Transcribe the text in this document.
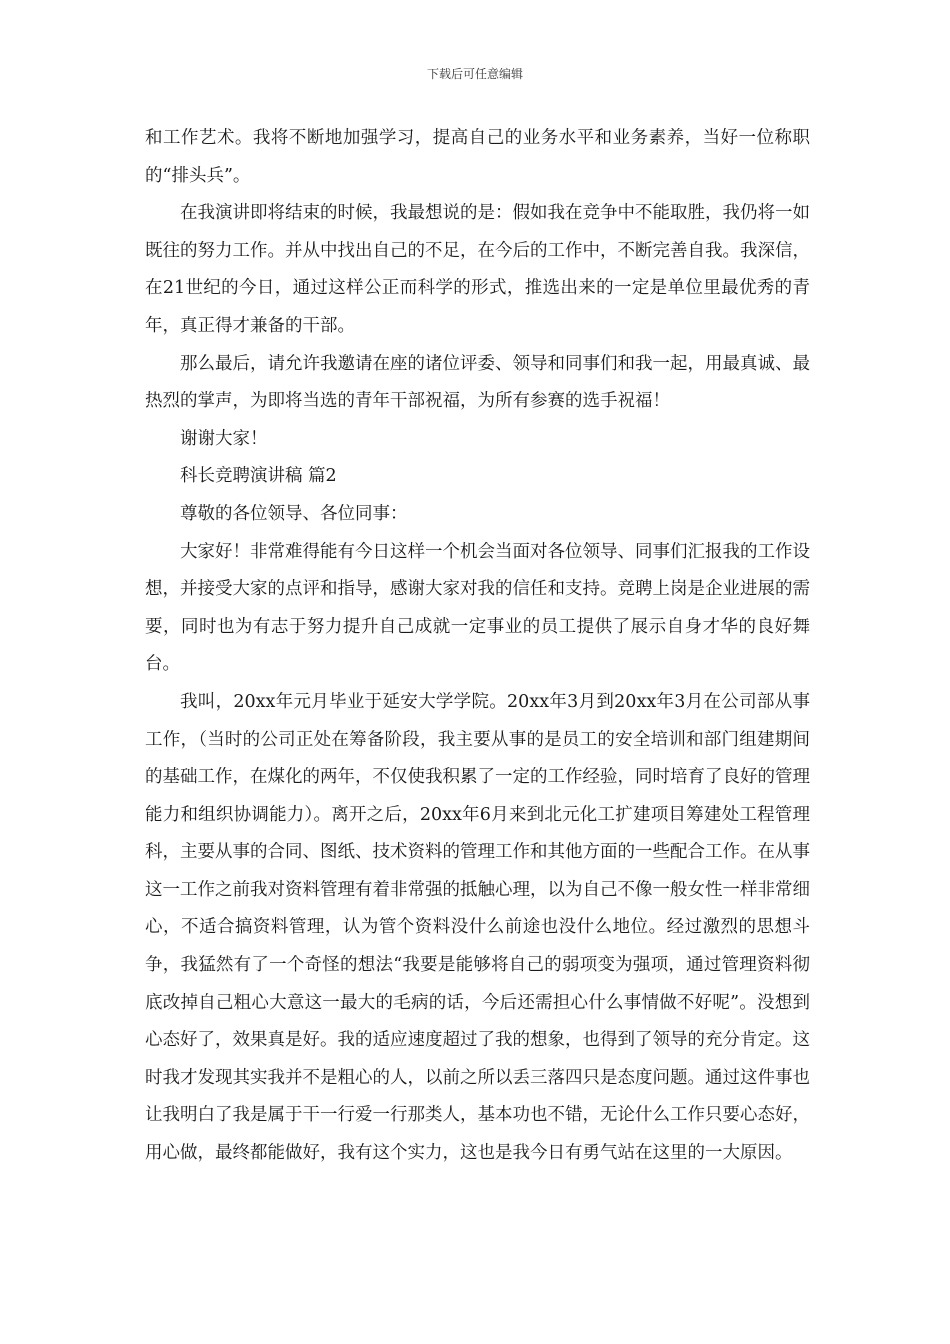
下载后可任意编辑

和工作艺术。我将不断地加强学习，提高自己的业务水平和业务素养，当好一位称职的“排头兵”。

在我演讲即将结束的时候，我最想说的是：假如我在竞争中不能取胜，我仍将一如既往的努力工作。并从中找出自己的不足，在今后的工作中，不断完善自我。我深信，在21世纪的今日，通过这样公正而科学的形式，推选出来的一定是单位里最优秀的青年，真正得才兼备的干部。

那么最后，请允许我邀请在座的诸位评委、领导和同事们和我一起，用最真诚、最热烈的掌声，为即将当选的青年干部祝福，为所有参赛的选手祝福！

谢谢大家！

科长竞聘演讲稿 篇2

尊敬的各位领导、各位同事：

大家好！非常难得能有今日这样一个机会当面对各位领导、同事们汇报我的工作设想，并接受大家的点评和指导，感谢大家对我的信任和支持。竞聘上岗是企业进展的需要，同时也为有志于努力提升自己成就一定事业的员工提供了展示自身才华的良好舞台。

我叫，20xx年元月毕业于延安大学学院。20xx年3月到20xx年3月在公司部从事工作，（当时的公司正处在筹备阶段，我主要从事的是员工的安全培训和部门组建期间的基础工作，在煤化的两年，不仅使我积累了一定的工作经验，同时培育了良好的管理能力和组织协调能力）。离开之后，20xx年6月来到北元化工扩建项目筹建处工程管理科，主要从事的合同、图纸、技术资料的管理工作和其他方面的一些配合工作。在从事这一工作之前我对资料管理有着非常强的抵触心理，以为自己不像一般女性一样非常细心，不适合搞资料管理，认为管个资料没什么前途也没什么地位。经过激烈的思想斗争，我猛然有了一个奇怪的想法“我要是能够将自己的弱项变为强项，通过管理资料彻底改掉自己粗心大意这一最大的毛病的话，今后还需担心什么事情做不好呢”。没想到心态好了，效果真是好。我的适应速度超过了我的想象，也得到了领导的充分肯定。这时我才发现其实我并不是粗心的人，以前之所以丢三落四只是态度问题。通过这件事也让我明白了我是属于干一行爱一行那类人，基本功也不错，无论什么工作只要心态好，用心做，最终都能做好，我有这个实力，这也是我今日有勇气站在这里的一大原因。
